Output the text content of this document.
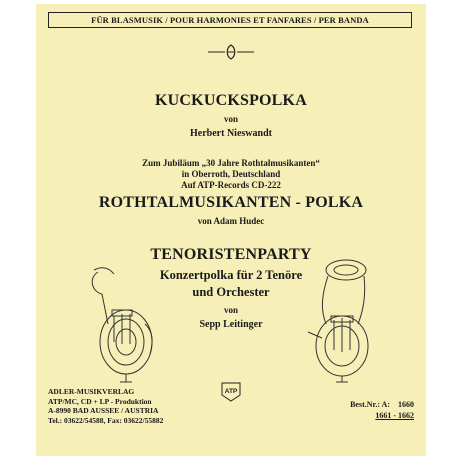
FÜR BLASMUSIK / POUR HARMONIES ET FANFARES / PER BANDA
KUCKUCKSPOLKA
von
Herbert Nieswandt
Zum Jubiläum „30 Jahre Rothtalmusikanten“
in Oberroth, Deutschland
Auf ATP-Records CD-222
ROTHTALMUSIKANTEN - POLKA
von Adam Hudec
TENORISTENPARTY
Konzertpolka für 2 Tenöre
und Orchester
von
Sepp Leitinger
ATP
ADLER-MUSIKVERLAG
ATP/MC, CD + LP - Produktion
A-8990 BAD AUSSEE / AUSTRIA
Tel.: 03622/54588, Fax: 03622/55882
Best.Nr.: A: 1660
1661 - 1662
